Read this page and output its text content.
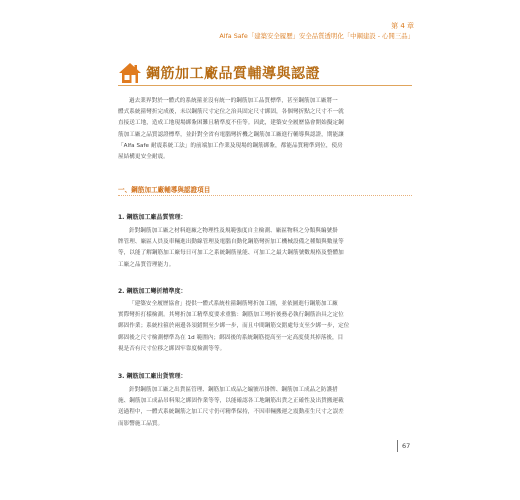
第 4 章
Alfa Safe「建築安全履歷」安全品質透明化「中鋼建設 - 心開三品」
鋼筋加工廠品質輔導與認證
過去業界對於一體式的系統箍並沒有統一的鋼筋加工品質標準，甚至鋼筋加工廠將一
體式系統箍彎折完成後，未以鋼筋尺寸定位之治具固定尺寸綁固，各個彎折點之尺寸不一就
直接送工地，造成工地現場綁紮困難且精準度不佳等。因此，建築安全履歷協會開始擬定鋼
筋加工廠之品質認證標準，並針對全省有電腦彎折機之鋼筋加工廠進行輔導與認證，期能讓
「Alfa Safe 耐震系統工法」的前端加工作業及現場的鋼筋綁紮，都能品質精準到位，使房
屋結構更安全耐震。
一、鋼筋加工廠輔導與認證項目
1. 鋼筋加工廠品質管理：
針對鋼筋加工廠之材料進廠之物理性及規範強度自主檢測、廠區物料之分類與編號掛
牌管理、廠區人員及車輛進出動線管理及電腦自動化鋼筋彎折加工機械設備之種類與數量等
等，以能了解鋼筋加工廠每日可加工之系統鋼筋量能、可加工之最大鋼筋號數規格及整體加
工廠之品質管理能力。
2. 鋼筋加工彎折精準度：
「建築安全履歷協會」提供一體式系統柱箍鋼筋彎折加工圖，並依圖進行鋼筋加工廠
實際彎折打樣檢測。其彎折加工精準度要求重點：鋼筋加工彎折後務必執行鋼筋治具之定位
綁固作業；系統柱箍於兩邊各須錯開至少綁一步，而且中間鋼筋交錯處每支至少綁一步，定位
綁固後之尺寸檢測標準為在 1d 範圍內；綁固後的系統鋼筋提高至一定高度使其掉落後，目
視是否有尺寸位移之綁固牢靠度檢測等等。
3. 鋼筋加工廠出貨管理：
針對鋼筋加工廠之出貨區管理、鋼筋加工成品之編號吊掛牌、鋼筋加工成品之防護措
施、鋼筋加工成品吊料架之綁固作業等等，以能確認各工地鋼筋出貨之正確性及出貨搬運載
送過程中，一體式系統鋼筋之加工尺寸仍可精準保持，不因車輛搬運之震動產生尺寸之誤差
而影響施工品質。
67
